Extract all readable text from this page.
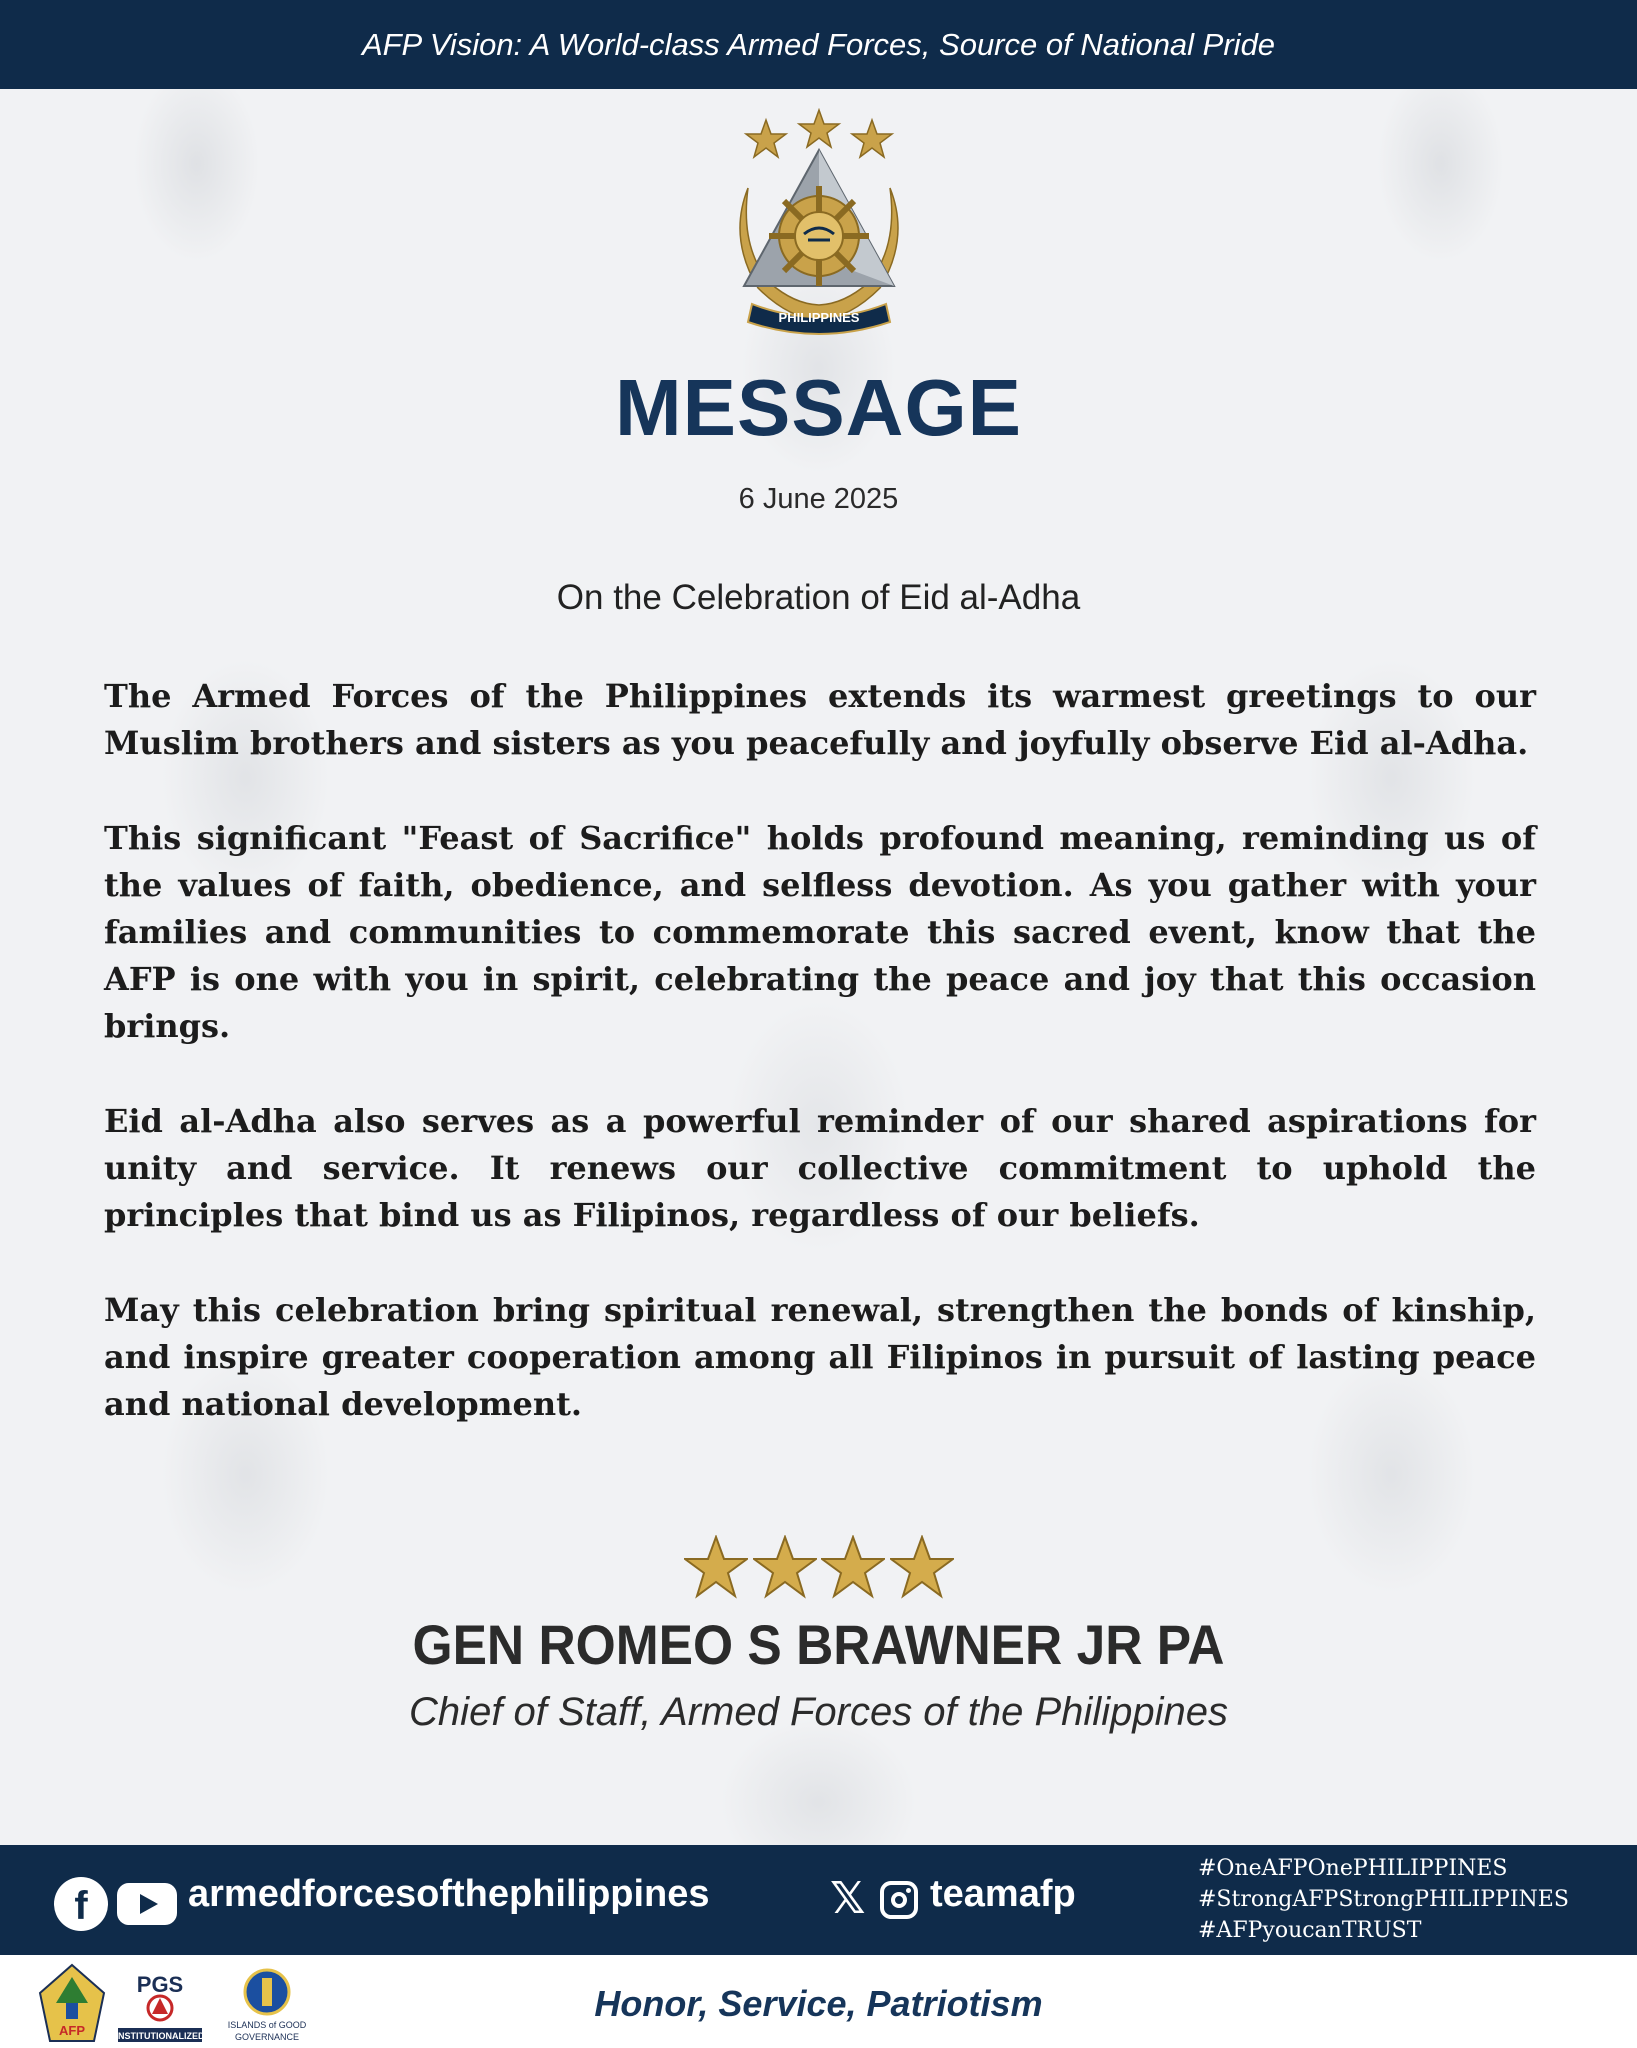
AFP Vision: A World-class Armed Forces, Source of National Pride
PHILIPPINES
MESSAGE
6 June 2025
On the Celebration of Eid al-Adha

The Armed Forces of the Philippines extends its warmest greetings to our Muslim brothers and sisters as you peacefully and joyfully observe Eid al-Adha.

This significant "Feast of Sacrifice" holds profound meaning, reminding us of the values of faith, obedience, and selfless devotion. As you gather with your families and communities to commemorate this sacred event, know that the AFP is one with you in spirit, celebrating the peace and joy that this occasion brings.

Eid al-Adha also serves as a powerful reminder of our shared aspirations for unity and service. It renews our collective commitment to uphold the principles that bind us as Filipinos, regardless of our beliefs.

May this celebration bring spiritual renewal, strengthen the bonds of kinship, and inspire greater cooperation among all Filipinos in pursuit of lasting peace and national development.

GEN ROMEO S BRAWNER JR PA
Chief of Staff, Armed Forces of the Philippines
f	armedforcesofthephilippines	𝕏 teamafp
#OneAFPOnePHILIPPINES
#StrongAFPStrongPHILIPPINES
#AFPyoucanTRUST
AFP
PGS
INSTITUTIONALIZED
ISLANDS of GOOD
GOVERNANCE
Honor, Service, Patriotism
